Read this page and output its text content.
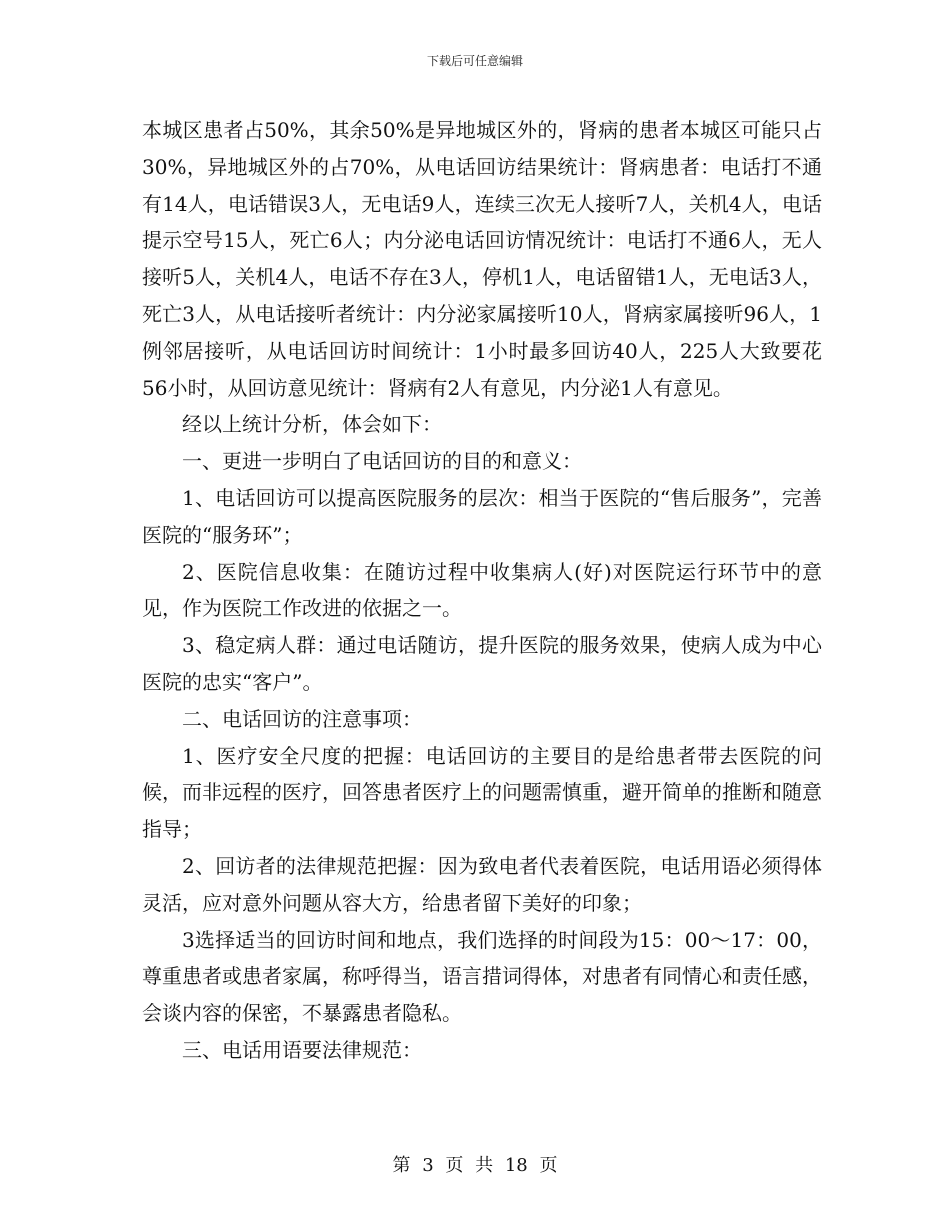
下载后可任意编辑

本城区患者占50%，其余50%是异地城区外的，肾病的患者本城区可能只占30%，异地城区外的占70%，从电话回访结果统计：肾病患者：电话打不通有14人，电话错误3人，无电话9人，连续三次无人接听7人，关机4人，电话提示空号15人，死亡6人；内分泌电话回访情况统计：电话打不通6人，无人接听5人，关机4人，电话不存在3人，停机1人，电话留错1人，无电话3人，死亡3人，从电话接听者统计：内分泌家属接听10人，肾病家属接听96人，1例邻居接听，从电话回访时间统计：1小时最多回访40人，225人大致要花56小时，从回访意见统计：肾病有2人有意见，内分泌1人有意见。

经以上统计分析，体会如下：

一、更进一步明白了电话回访的目的和意义：

1、电话回访可以提高医院服务的层次：相当于医院的“售后服务”，完善医院的“服务环”；

2、医院信息收集：在随访过程中收集病人(好)对医院运行环节中的意见，作为医院工作改进的依据之一。

3、稳定病人群：通过电话随访，提升医院的服务效果，使病人成为中心医院的忠实“客户”。

二、电话回访的注意事项：

1、医疗安全尺度的把握：电话回访的主要目的是给患者带去医院的问候，而非远程的医疗，回答患者医疗上的问题需慎重，避开简单的推断和随意指导；

2、回访者的法律规范把握：因为致电者代表着医院，电话用语必须得体灵活，应对意外问题从容大方，给患者留下美好的印象；

3选择适当的回访时间和地点，我们选择的时间段为15：00～17：00，尊重患者或患者家属，称呼得当，语言措词得体，对患者有同情心和责任感，会谈内容的保密，不暴露患者隐私。

三、电话用语要法律规范：

第 3 页 共 18 页
